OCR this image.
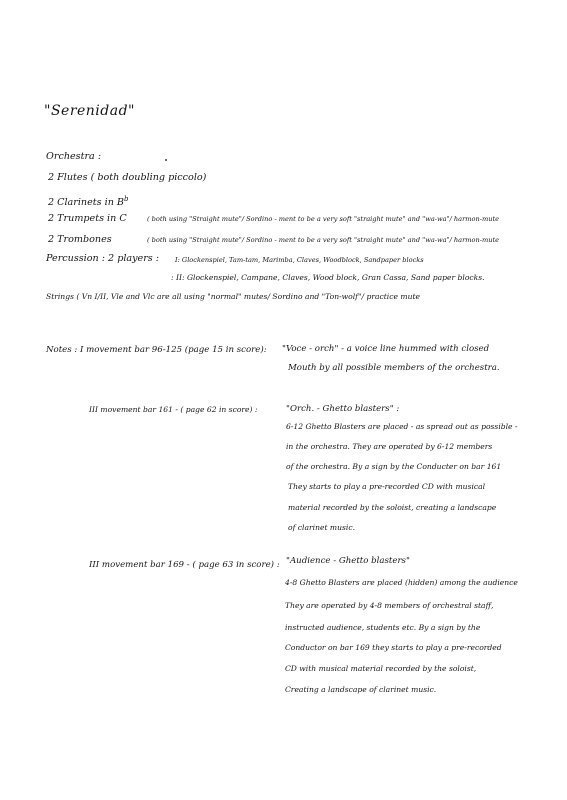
"Serenidad"
Orchestra :
2 Flutes ( both doubling piccolo)
2 Clarinets in $B^b$
2 Trumpets in C	( both using "Straight mute"/ Sordino - ment to be a very soft "straight mute" and "wa-wa"/ harmon-mute
2 Trombones	( both using "Straight mute"/ Sordino - ment to be a very soft "straight mute" and "wa-wa"/ harmon-mute
Percussion : 2 players : I: Glockenspiel, Tam-tam, Marimba, Claves, Woodblock, Sandpaper blocks
: II: Glockenspiel, Campane, Claves, Wood block, Gran Cassa, Sand paper blocks.
Strings ( Vn I/II, Vle and Vlc are all using "normal" mutes/ Sordino and "Ton-wolf"/ practice mute
Notes : I movement bar 96-125 (page 15 in score): "Voce - orch" - a voice line hummed with closed
Mouth by all possible members of the orchestra.
III movement bar 161 - ( page 62 in score) :	"Orch. - Ghetto blasters" :
6-12 Ghetto Blasters are placed - as spread out as possible -
in the orchestra. They are operated by 6-12 members
of the orchestra. By a sign by the Conducter on bar 161
They starts to play a pre-recorded CD with musical
material recorded by the soloist, creating a landscape
of clarinet music.
III movement bar 169 - ( page 63 in score) : "Audience - Ghetto blasters"
4-8 Ghetto Blasters are placed (hidden) among the audience
They are operated by 4-8 members of orchestral staff,
instructed audience, students etc. By a sign by the
Conductor on bar 169 they starts to play a pre-recorded
CD with musical material recorded by the soloist,
Creating a landscape of clarinet music.
